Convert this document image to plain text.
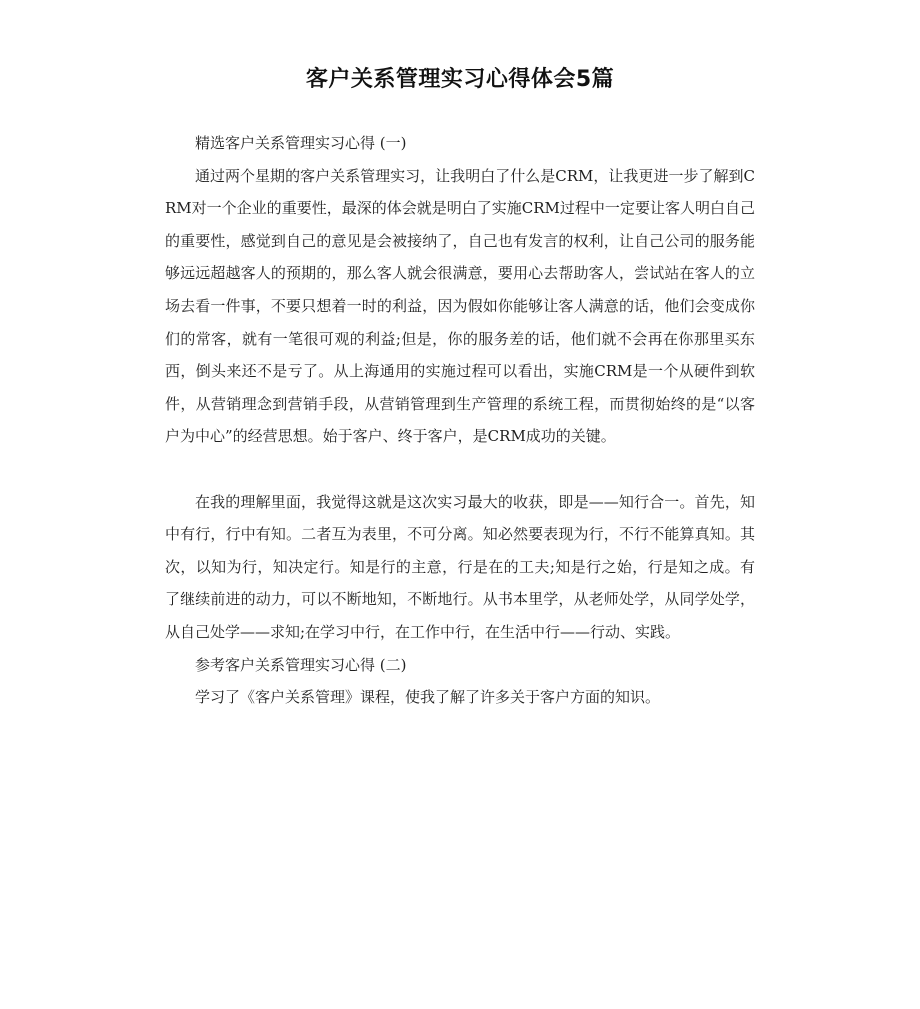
客户关系管理实习心得体会5篇

精选客户关系管理实习心得 (一)

通过两个星期的客户关系管理实习，让我明白了什么是CRM，让我更进一步了解到CRM对一个企业的重要性，最深的体会就是明白了实施CRM过程中一定要让客人明白自己的重要性，感觉到自己的意见是会被接纳了，自己也有发言的权利，让自己公司的服务能够远远超越客人的预期的，那么客人就会很满意，要用心去帮助客人，尝试站在客人的立场去看一件事，不要只想着一时的利益，因为假如你能够让客人满意的话，他们会变成你们的常客，就有一笔很可观的利益;但是，你的服务差的话，他们就不会再在你那里买东西，倒头来还不是亏了。从上海通用的实施过程可以看出，实施CRM是一个从硬件到软件，从营销理念到营销手段，从营销管理到生产管理的系统工程，而贯彻始终的是“以客户为中心”的经营思想。始于客户、终于客户，是CRM成功的关键。

在我的理解里面，我觉得这就是这次实习最大的收获，即是——知行合一。首先，知中有行，行中有知。二者互为表里，不可分离。知必然要表现为行，不行不能算真知。其次，以知为行，知决定行。知是行的主意，行是在的工夫;知是行之始，行是知之成。有了继续前进的动力，可以不断地知，不断地行。从书本里学，从老师处学，从同学处学，从自己处学——求知;在学习中行，在工作中行，在生活中行——行动、实践。

参考客户关系管理实习心得 (二)

学习了《客户关系管理》课程，使我了解了许多关于客户方面的知识。
